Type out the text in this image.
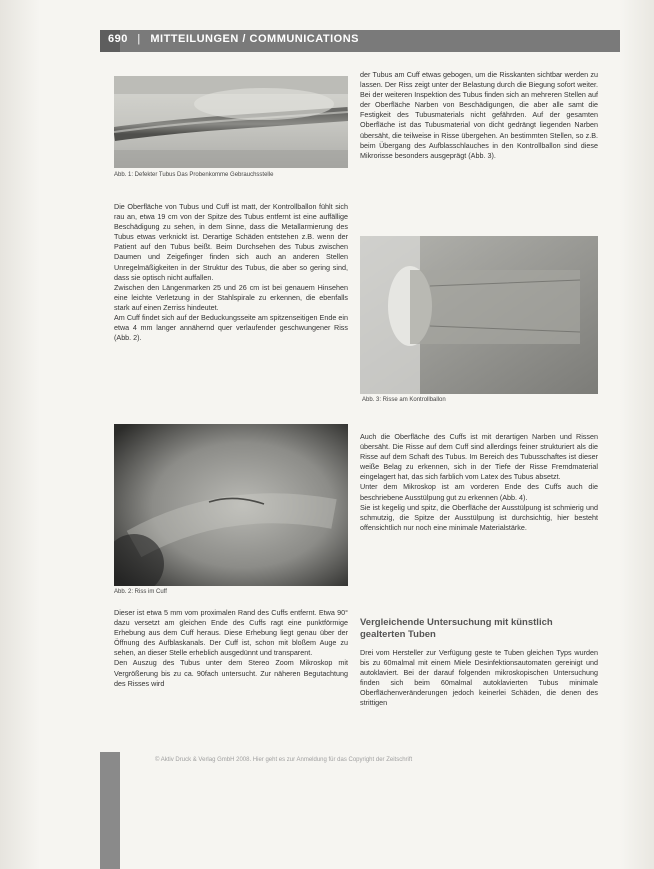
690 | MITTEILUNGEN / COMMUNICATIONS
Abb. 1: Defekter Tubus Das Probenkomme Gebrauchsstelle

Die Oberfläche von Tubus und Cuff ist matt, der Kontrollballon fühlt sich rau an, etwa 19 cm von der Spitze des Tubus entfernt ist eine auffällige Beschädigung zu sehen, in dem Sinne, dass die Metallarmierung des Tubus etwas verknickt ist. Derartige Schäden entstehen z.B. wenn der Patient auf den Tubus beißt. Beim Durchsehen des Tubus zwischen Daumen und Zeigefinger finden sich auch an anderen Stellen Unregelmäßigkeiten in der Struktur des Tubus, die aber so gering sind, dass sie optisch nicht auffallen.

Zwischen den Längenmarken 25 und 26 cm ist bei genauem Hinsehen eine leichte Verletzung in der Stahlspirale zu erkennen, die ebenfalls stark auf einen Zerriss hindeutet.

Am Cuff findet sich auf der Beduckungsseite am spitzenseitigen Ende ein etwa 4 mm langer annähernd quer verlaufender geschwungener Riss (Abb. 2).

Abb. 2: Riss im Cuff

Dieser ist etwa 5 mm vom proximalen Rand des Cuffs entfernt. Etwa 90° dazu versetzt am gleichen Ende des Cuffs ragt eine punktförmige Erhebung aus dem Cuff heraus. Diese Erhebung liegt genau über der Öffnung des Aufblaskanals. Der Cuff ist, schon mit bloßem Auge zu sehen, an dieser Stelle erheblich ausgedünnt und transparent.

Den Auszug des Tubus unter dem Stereo Zoom Mikroskop mit Vergrößerung bis zu ca. 90fach untersucht. Zur näheren Begutachtung des Risses wird

der Tubus am Cuff etwas gebogen, um die Risskanten sichtbar werden zu lassen. Der Riss zeigt unter der Belastung durch die Biegung sofort weiter. Bei der weiteren Inspektion des Tubus finden sich an mehreren Stellen auf der Oberfläche Narben von Beschädigungen, die aber alle samt die Festigkeit des Tubusmaterials nicht gefährden. Auf der gesamten Oberfläche ist das Tubusmaterial von dicht gedrängt liegenden Narben übersäht, die teilweise in Risse übergehen. An bestimmten Stellen, so z.B. beim Übergang des Aufblasschlauches in den Kontrollballon sind diese Mikrorisse besonders ausgeprägt (Abb. 3).

Abb. 3: Risse am Kontrollballon

Auch die Oberfläche des Cuffs ist mit derartigen Narben und Rissen übersäht. Die Risse auf dem Cuff sind allerdings feiner strukturiert als die Risse auf dem Schaft des Tubus. Im Bereich des Tubusschaftes ist dieser weiße Belag zu erkennen, sich in der Tiefe der Risse Fremdmaterial eingelagert hat, das sich farblich vom Latex des Tubus absetzt.

Unter dem Mikroskop ist am vorderen Ende des Cuffs auch die beschriebene Ausstülpung gut zu erkennen (Abb. 4).

Sie ist kegelig und spitz, die Oberfläche der Ausstülpung ist schmierig und schmutzig, die Spitze der Ausstülpung ist durchsichtig, hier besteht offensichtlich nur noch eine minimale Materialstärke.

Vergleichende Untersuchung mit künstlich gealterten Tuben

Drei vom Hersteller zur Verfügung geste te Tuben gleichen Typs wurden bis zu 60malmal mit einem Miele Desinfektionsautomaten gereinigt und autoklaviert. Bei der darauf folgenden mikroskopischen Untersuchung finden sich beim 60malmal autoklavierten Tubus minimale Oberflächenveränderungen jedoch keinerlei Schäden, die denen des strittigen

© Aktiv Druck & Verlag GmbH 2008. Hier geht es zur Anmeldung für das Copyright der Zeitschrift
